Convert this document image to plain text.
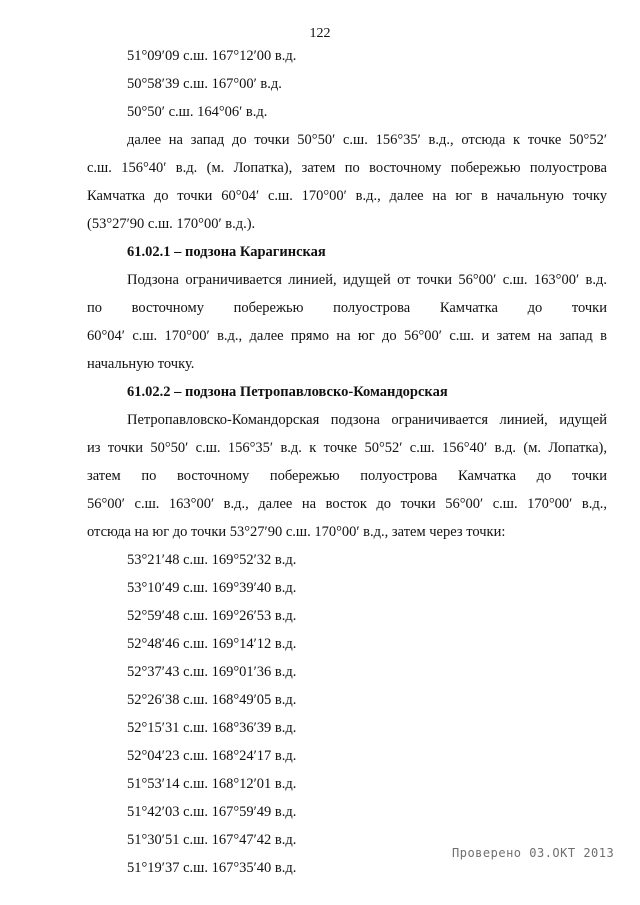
122
51°09′09 с.ш. 167°12′00 в.д.
50°58′39 с.ш. 167°00′ в.д.
50°50′ с.ш. 164°06′ в.д.
далее на запад до точки 50°50′ с.ш. 156°35′ в.д., отсюда к точке 50°52′
с.ш. 156°40′ в.д. (м. Лопатка), затем по восточному побережью полуострова
Камчатка до точки 60°04′ с.ш. 170°00′ в.д., далее на юг в начальную точку
(53°27′90 с.ш. 170°00′ в.д.).
61.02.1 – подзона Карагинская
Подзона ограничивается линией, идущей от точки 56°00′ с.ш. 163°00′ в.д.
по восточному побережью полуострова Камчатка до точки
60°04′ с.ш. 170°00′ в.д., далее прямо на юг до 56°00′ с.ш. и затем на запад в
начальную точку.
61.02.2 – подзона Петропавловско-Командорская
Петропавловско-Командорская подзона ограничивается линией, идущей
из точки 50°50′ с.ш. 156°35′ в.д. к точке 50°52′ с.ш. 156°40′ в.д. (м. Лопатка),
затем по восточному побережью полуострова Камчатка до точки
56°00′ с.ш. 163°00′ в.д., далее на восток до точки 56°00′ с.ш. 170°00′ в.д.,
отсюда на юг до точки 53°27′90 с.ш. 170°00′ в.д., затем через точки:
53°21′48 с.ш. 169°52′32 в.д.
53°10′49 с.ш. 169°39′40 в.д.
52°59′48 с.ш. 169°26′53 в.д.
52°48′46 с.ш. 169°14′12 в.д.
52°37′43 с.ш. 169°01′36 в.д.
52°26′38 с.ш. 168°49′05 в.д.
52°15′31 с.ш. 168°36′39 в.д.
52°04′23 с.ш. 168°24′17 в.д.
51°53′14 с.ш. 168°12′01 в.д.
51°42′03 с.ш. 167°59′49 в.д.
51°30′51 с.ш. 167°47′42 в.д.
51°19′37 с.ш. 167°35′40 в.д.
Проверено 03.ОКТ 2013
